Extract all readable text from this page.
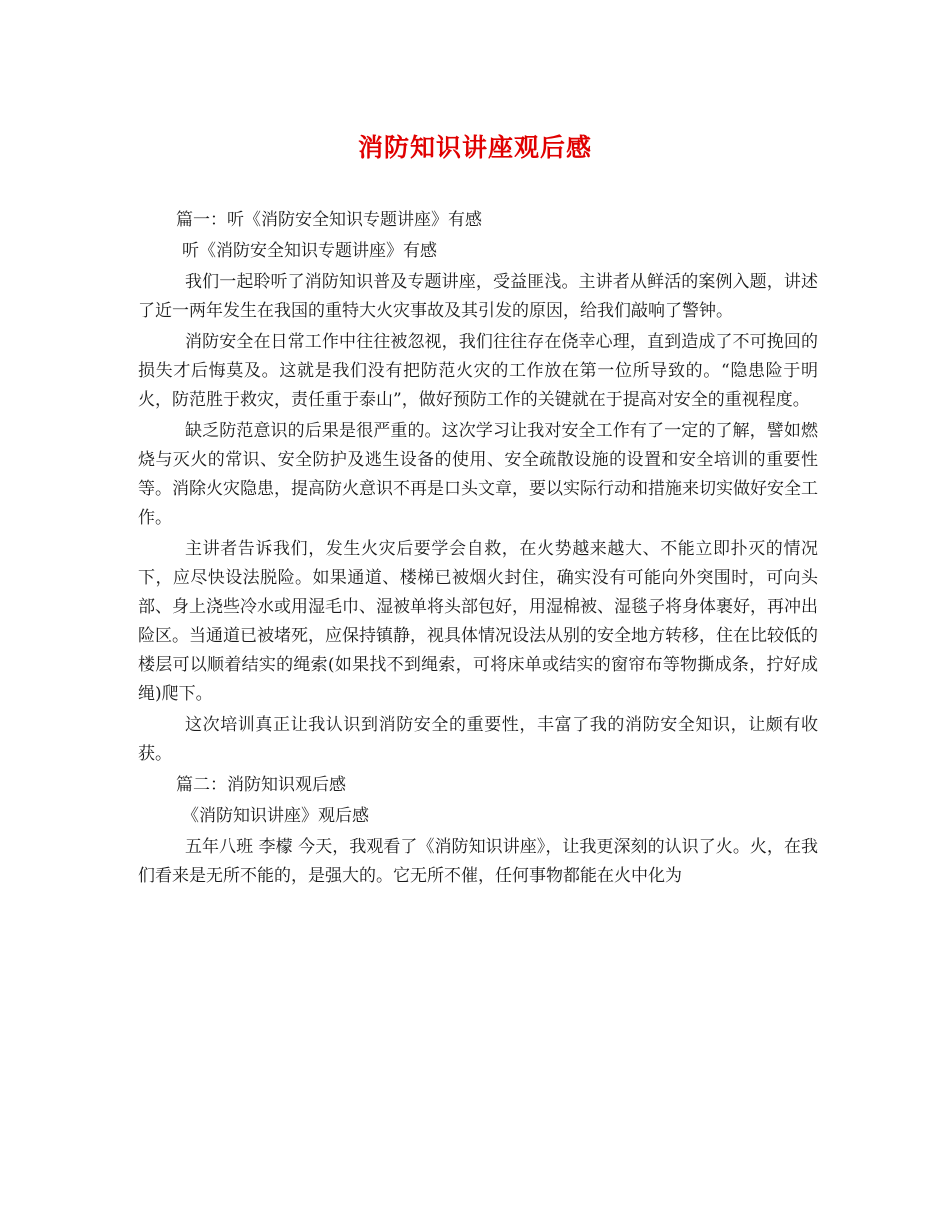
消防知识讲座观后感

篇一：听《消防安全知识专题讲座》有感

听《消防安全知识专题讲座》有感

我们一起聆听了消防知识普及专题讲座，受益匪浅。主讲者从鲜活的案例入题，讲述了近一两年发生在我国的重特大火灾事故及其引发的原因，给我们敲响了警钟。

消防安全在日常工作中往往被忽视，我们往往存在侥幸心理，直到造成了不可挽回的损失才后悔莫及。这就是我们没有把防范火灾的工作放在第一位所导致的。“隐患险于明火，防范胜于救灾，责任重于泰山”，做好预防工作的关键就在于提高对安全的重视程度。

缺乏防范意识的后果是很严重的。这次学习让我对安全工作有了一定的了解，譬如燃烧与灭火的常识、安全防护及逃生设备的使用、安全疏散设施的设置和安全培训的重要性等。消除火灾隐患，提高防火意识不再是口头文章，要以实际行动和措施来切实做好安全工作。

主讲者告诉我们，发生火灾后要学会自救，在火势越来越大、不能立即扑灭的情况下，应尽快设法脱险。如果通道、楼梯已被烟火封住，确实没有可能向外突围时，可向头部、身上浇些冷水或用湿毛巾、湿被单将头部包好，用湿棉被、湿毯子将身体裹好，再冲出险区。当通道已被堵死，应保持镇静，视具体情况设法从别的安全地方转移，住在比较低的楼层可以顺着结实的绳索(如果找不到绳索，可将床单或结实的窗帘布等物撕成条，拧好成绳)爬下。

这次培训真正让我认识到消防安全的重要性，丰富了我的消防安全知识，让颇有收获。

篇二：消防知识观后感

《消防知识讲座》观后感

五年八班 李檬 今天，我观看了《消防知识讲座》，让我更深刻的认识了火。火，在我们看来是无所不能的，是强大的。它无所不催，任何事物都能在火中化为
